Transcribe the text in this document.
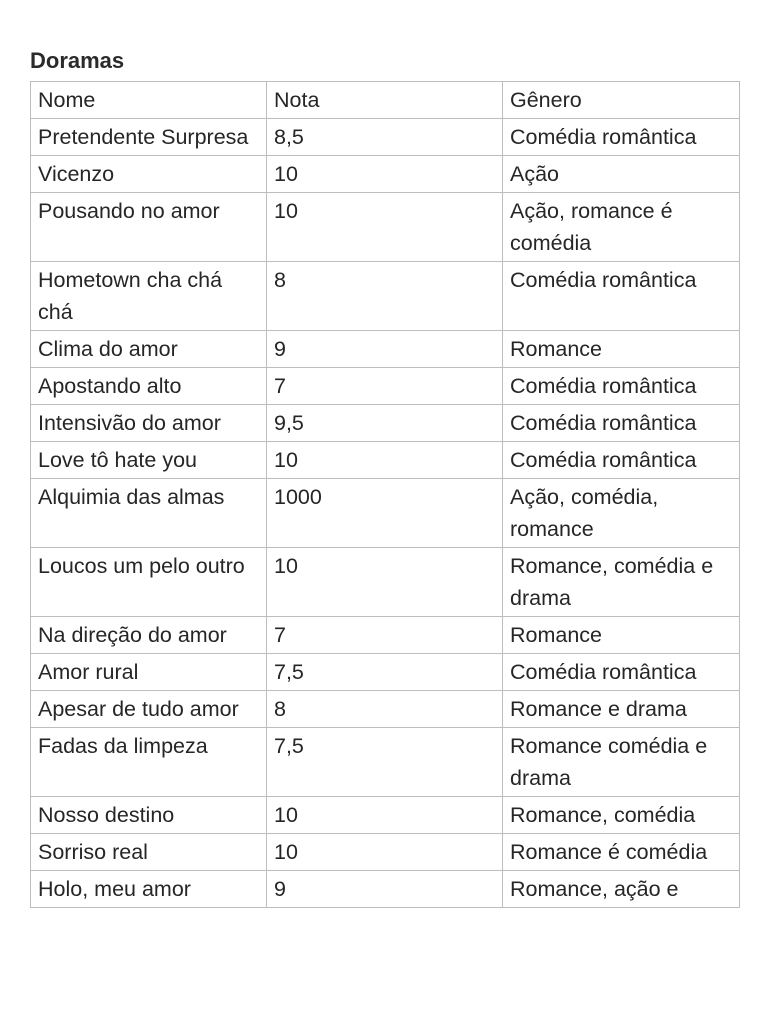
Doramas
Nome	Nota	Gênero
Pretendente Surpresa	8,5	Comédia romântica
Vicenzo	10	Ação
Pousando no amor	10	Ação, romance é comédia
Hometown cha chá chá	8	Comédia romântica
Clima do amor	9	Romance
Apostando alto	7	Comédia romântica
Intensivão do amor	9,5	Comédia romântica
Love tô hate you	10	Comédia romântica
Alquimia das almas	1000	Ação, comédia, romance
Loucos um pelo outro	10	Romance, comédia e drama
Na direção do amor	7	Romance
Amor rural	7,5	Comédia romântica
Apesar de tudo amor	8	Romance e drama
Fadas da limpeza	7,5	Romance comédia e drama
Nosso destino	10	Romance, comédia
Sorriso real	10	Romance é comédia
Holo, meu amor	9	Romance, ação e
